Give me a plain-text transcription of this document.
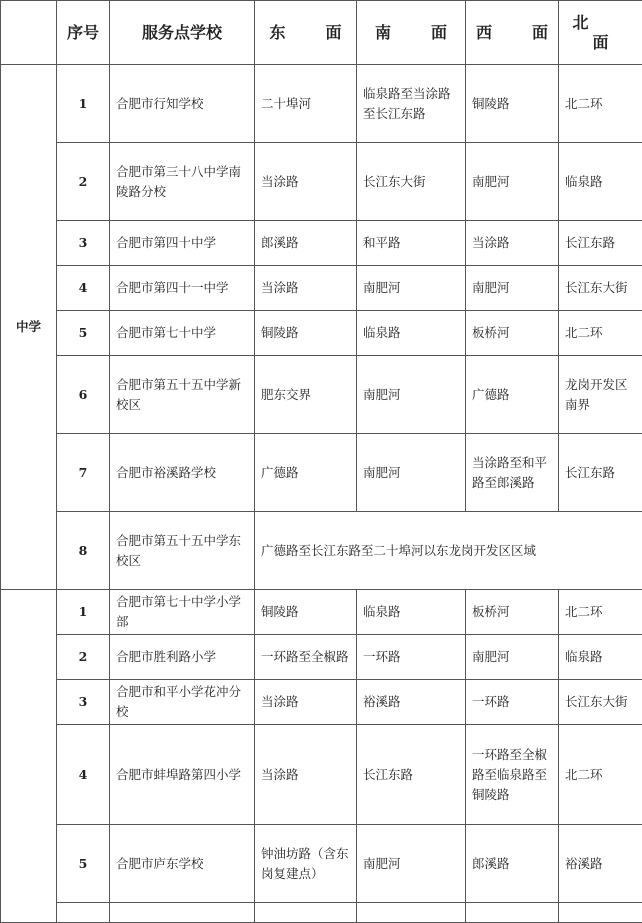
	序号	服务点学校	东 面	南 面	西 面	北面
中学	1	合肥市行知学校	二十埠河	临泉路至当涂路至长江东路	铜陵路	北二环
	2	合肥市第三十八中学南陵路分校	当涂路	长江东大街	南肥河	临泉路
	3	合肥市第四十中学	郎溪路	和平路	当涂路	长江东路
	4	合肥市第四十一中学	当涂路	南肥河	南肥河	长江东大街
	5	合肥市第七十中学	铜陵路	临泉路	板桥河	北二环
	6	合肥市第五十五中学新校区	肥东交界	南肥河	广德路	龙岗开发区南界
	7	合肥市裕溪路学校	广德路	南肥河	当涂路至和平路至郎溪路	长江东路
	8	合肥市第五十五中学东校区	广德路至长江东路至二十埠河以东龙岗开发区区域			
	1	合肥市第七十中学小学部	铜陵路	临泉路	板桥河	北二环
	2	合肥市胜利路小学	一环路至全椒路	一环路	南肥河	临泉路
	3	合肥市和平小学花冲分校	当涂路	裕溪路	一环路	长江东大街
	4	合肥市蚌埠路第四小学	当涂路	长江东路	一环路至全椒路至临泉路至铜陵路	北二环
	5	合肥市庐东学校	钟油坊路（含东岗复建点）	南肥河	郎溪路	裕溪路
